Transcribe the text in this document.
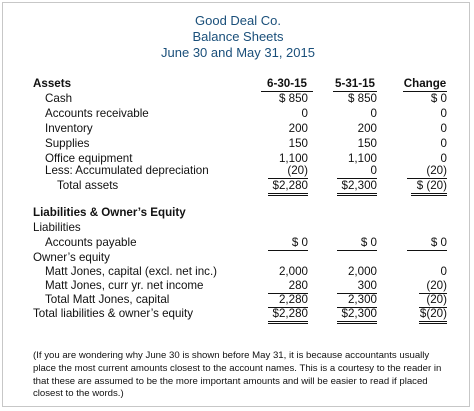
Good Deal Co.
Balance Sheets
June 30 and May 31, 2015
Assets	6-30-15	5-31-15 Change
Cash	$ 850	$ 850	$ 0
Accounts receivable	0	0	0
Inventory	200	200	0
Supplies	150	150	0
Office equipment	1,100	1,100	0
Less: Accumulated depreciation	(20)	0	(20)
Total assets	$2,280	$2,300	$ (20)
Liabilities & Owner’s Equity
Liabilities
Accounts payable	$ 0	$ 0	$ 0
Owner’s equity
Matt Jones, capital (excl. net inc.)	2,000	2,000	0
Matt Jones, curr yr. net income	280	300	(20)
Total Matt Jones, capital	2,280	2,300	(20)
Total liabilities & owner’s equity	$2,280	$2,300	$(20)
(If you are wondering why June 30 is shown before May 31, it is because accountants usually place the most current amounts closest to the account names. This is a courtesy to the reader in that these are assumed to be the more important amounts and will be easier to read if placed closest to the words.)
